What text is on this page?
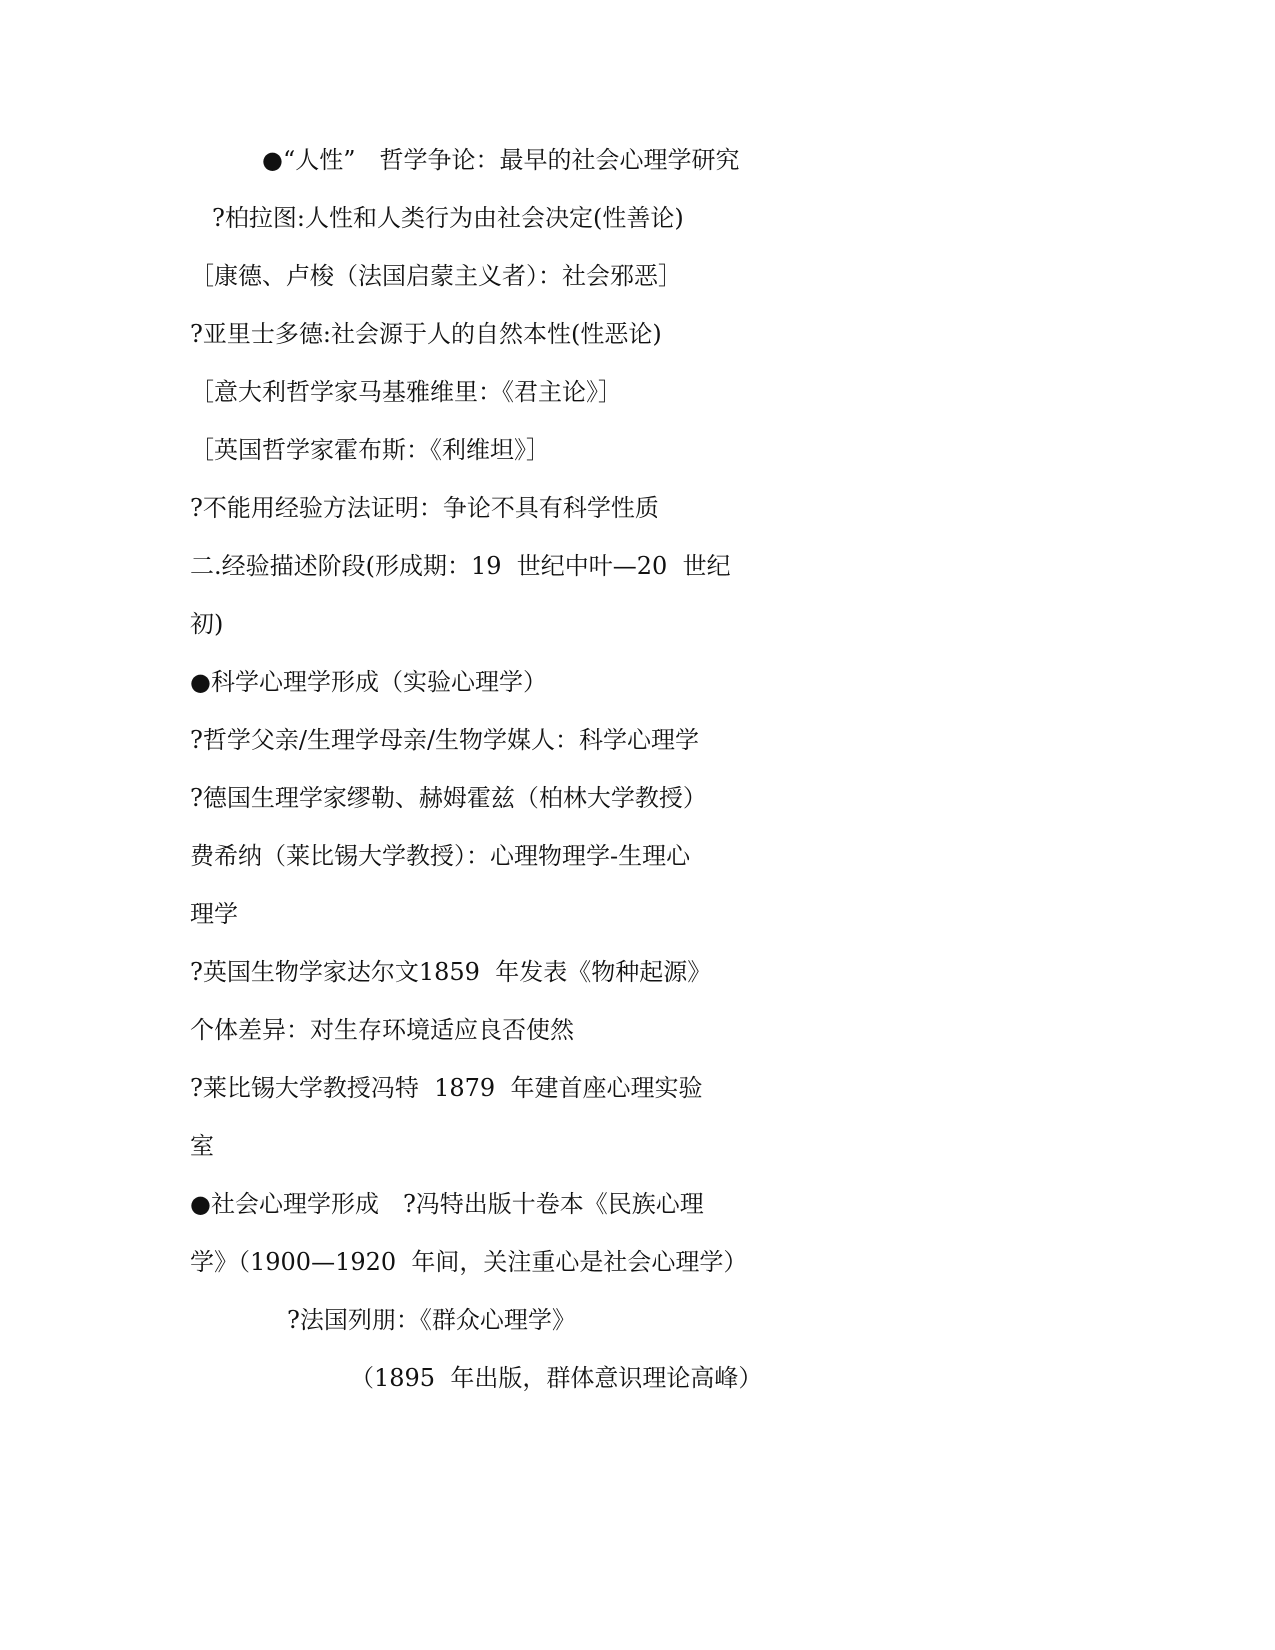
●“人性”　哲学争论：最早的社会心理学研究

?柏拉图:人性和人类行为由社会决定(性善论)

［康德、卢梭（法国启蒙主义者）：社会邪恶］

?亚里士多德:社会源于人的自然本性(性恶论)

［意大利哲学家马基雅维里：《君主论》］

［英国哲学家霍布斯：《利维坦》］

?不能用经验方法证明：争论不具有科学性质

二.经验描述阶段(形成期：19  世纪中叶—20  世纪

初)

●科学心理学形成（实验心理学）

?哲学父亲/生理学母亲/生物学媒人：科学心理学

?德国生理学家缪勒、赫姆霍兹（柏林大学教授）

费希纳（莱比锡大学教授）：心理物理学-生理心

理学

?英国生物学家达尔文1859  年发表《物种起源》

个体差异：对生存环境适应良否使然

?莱比锡大学教授冯特  1879  年建首座心理实验

室

●社会心理学形成　?冯特出版十卷本《民族心理

学》（1900—1920  年间，关注重心是社会心理学）

?法国列朋：《群众心理学》

（1895  年出版，群体意识理论高峰）
